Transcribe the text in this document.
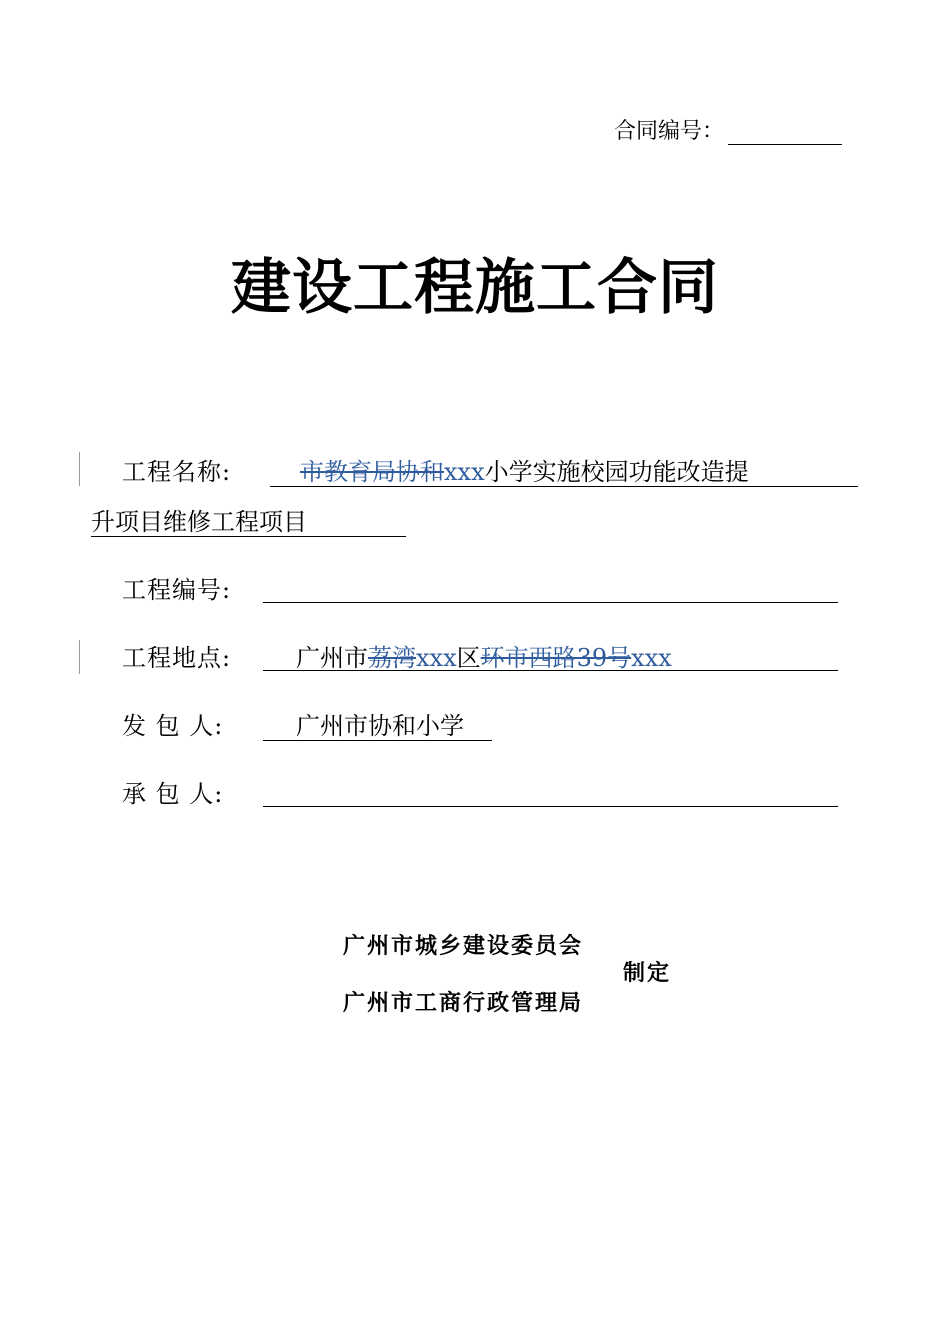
合同编号：
建设工程施工合同
工程名称:	市教育局协和xxx小学实施校园功能改造提
升项目维修工程项目
工程编号:
工程地点:	广州市荔湾xxx区环市西路39号xxx
发 包 人:	广州市协和小学
承 包 人:
广州市城乡建设委员会
制定
广州市工商行政管理局
